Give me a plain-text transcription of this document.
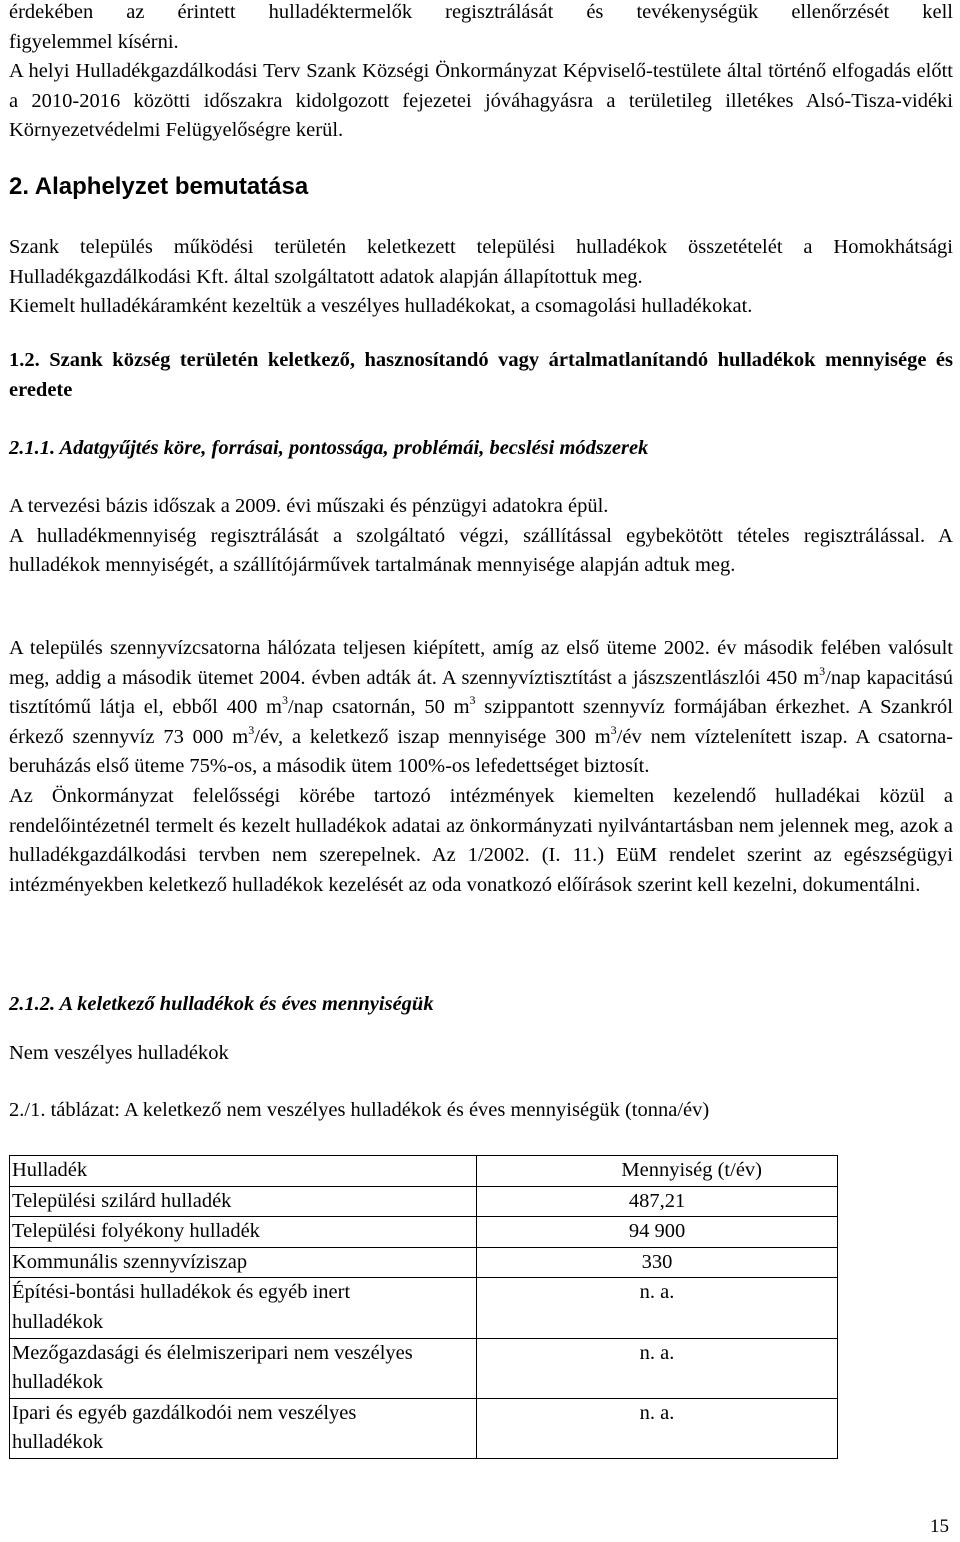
érdekében az érintett hulladéktermelők regisztrálását és tevékenységük ellenőrzését kell

figyelemmel kísérni.

A helyi Hulladékgazdálkodási Terv Szank Községi Önkormányzat Képviselő-testülete által történő elfogadás előtt a 2010-2016 közötti időszakra kidolgozott fejezetei jóváhagyásra a területileg illetékes Alsó-Tisza-vidéki Környezetvédelmi Felügyelőségre kerül.

2. Alaphelyzet bemutatása

Szank település működési területén keletkezett települési hulladékok összetételét a Homokhátsági Hulladékgazdálkodási Kft. által szolgáltatott adatok alapján állapítottuk meg.

Kiemelt hulladékáramként kezeltük a veszélyes hulladékokat, a csomagolási hulladékokat.

1.2. Szank község területén keletkező, hasznosítandó vagy ártalmatlanítandó hulladékok mennyisége és eredete

2.1.1. Adatgyűjtés köre, forrásai, pontossága, problémái, becslési módszerek

A tervezési bázis időszak a 2009. évi műszaki és pénzügyi adatokra épül.

A hulladékmennyiség regisztrálását a szolgáltató végzi, szállítással egybekötött tételes regisztrálással. A hulladékok mennyiségét, a szállítójárművek tartalmának mennyisége alapján adtuk meg.

A település szennyvízcsatorna hálózata teljesen kiépített, amíg az első üteme 2002. év második felében valósult meg, addig a második ütemet 2004. évben adták át. A szennyvíztisztítást a jászszentlászlói 450 $m^3$/nap kapacitású tisztítómű látja el, ebből 400 $m^3$/nap csatornán, 50 $m^3$ szippantott szennyvíz formájában érkezhet. A Szankról érkező szennyvíz 73 000 $m^3/év$, a keletkező iszap mennyisége 300 $m^3/év$ nem víztelenített iszap. A csatorna-beruházás első üteme 75%-os, a második ütem 100%-os lefedettséget biztosít.

Az Önkormányzat felelősségi körébe tartozó intézmények kiemelten kezelendő hulladékai közül a rendelőintézetnél termelt és kezelt hulladékok adatai az önkormányzati nyilvántartásban nem jelennek meg, azok a hulladékgazdálkodási tervben nem szerepelnek. Az 1/2002. (I. 11.) EüM rendelet szerint az egészségügyi intézményekben keletkező hulladékok kezelését az oda vonatkozó előírások szerint kell kezelni, dokumentálni.

2.1.2. A keletkező hulladékok és éves mennyiségük

Nem veszélyes hulladékok

2./1. táblázat: A keletkező nem veszélyes hulladékok és éves mennyiségük (tonna/év)

Hulladék	Mennyiség (t/év)
Települési szilárd hulladék	487,21
Települési folyékony hulladék	94 900
Kommunális szennyvíziszap	330
Építési-bontási hulladékok és egyéb inert hulladékok	n. a.
Mezőgazdasági és élelmiszeripari nem veszélyes hulladékok	n. a.
Ipari és egyéb gazdálkodói nem veszélyes hulladékok	n. a.
15
